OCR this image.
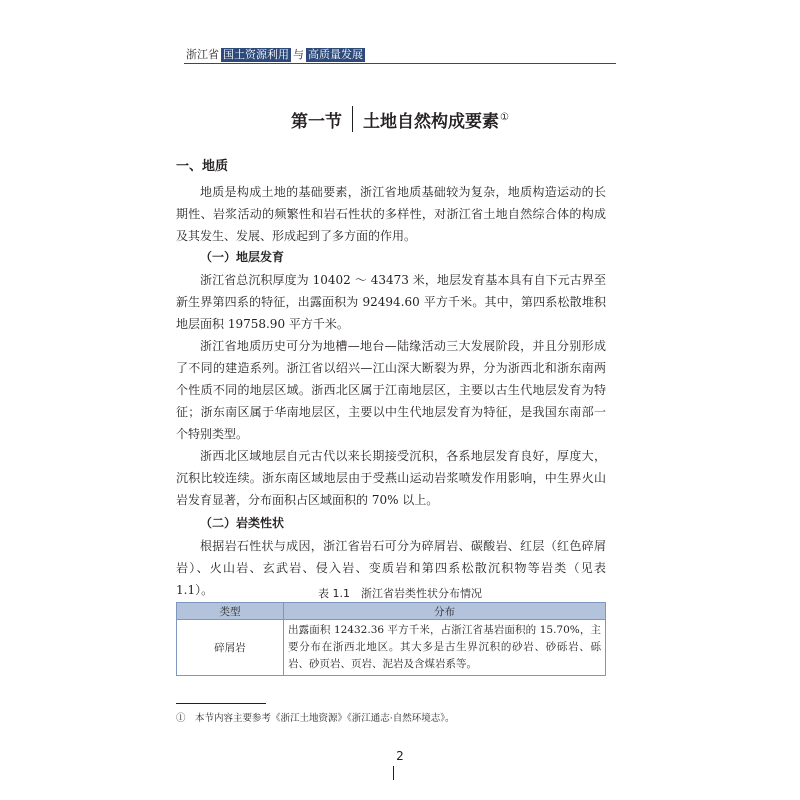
浙江省 国土资源利用 与 高质量发展
第一节 土地自然构成要素①
一、地质

地质是构成土地的基础要素，浙江省地质基础较为复杂，地质构造运动的长期性、岩浆活动的频繁性和岩石性状的多样性，对浙江省土地自然综合体的构成及其发生、发展、形成起到了多方面的作用。

（一）地层发育

浙江省总沉积厚度为 10402 ～ 43473 米，地层发育基本具有自下元古界至新生界第四系的特征，出露面积为 92494.60 平方千米。其中，第四系松散堆积地层面积 19758.90 平方千米。

浙江省地质历史可分为地槽—地台—陆缘活动三大发展阶段，并且分别形成了不同的建造系列。浙江省以绍兴—江山深大断裂为界，分为浙西北和浙东南两个性质不同的地层区域。浙西北区属于江南地层区，主要以古生代地层发育为特征；浙东南区属于华南地层区，主要以中生代地层发育为特征，是我国东南部一个特别类型。

浙西北区域地层自元古代以来长期接受沉积，各系地层发育良好，厚度大，沉积比较连续。浙东南区域地层由于受燕山运动岩浆喷发作用影响，中生界火山岩发育显著，分布面积占区域面积的 70% 以上。

（二）岩类性状

根据岩石性状与成因，浙江省岩石可分为碎屑岩、碳酸岩、红层（红色碎屑岩）、火山岩、玄武岩、侵入岩、变质岩和第四系松散沉积物等岩类（见表 1.1）。	表 1.1　浙江省岩类性状分布情况
类型	分布
碎屑岩	出露面积 12432.36 平方千米，占浙江省基岩面积的 15.70%，主要分布在浙西北地区。其大多是古生界沉积的砂岩、砂砾岩、砾岩、砂页岩、页岩、泥岩及含煤岩系等。
①　本节内容主要参考《浙江土地资源》《浙江通志·自然环境志》。
2
